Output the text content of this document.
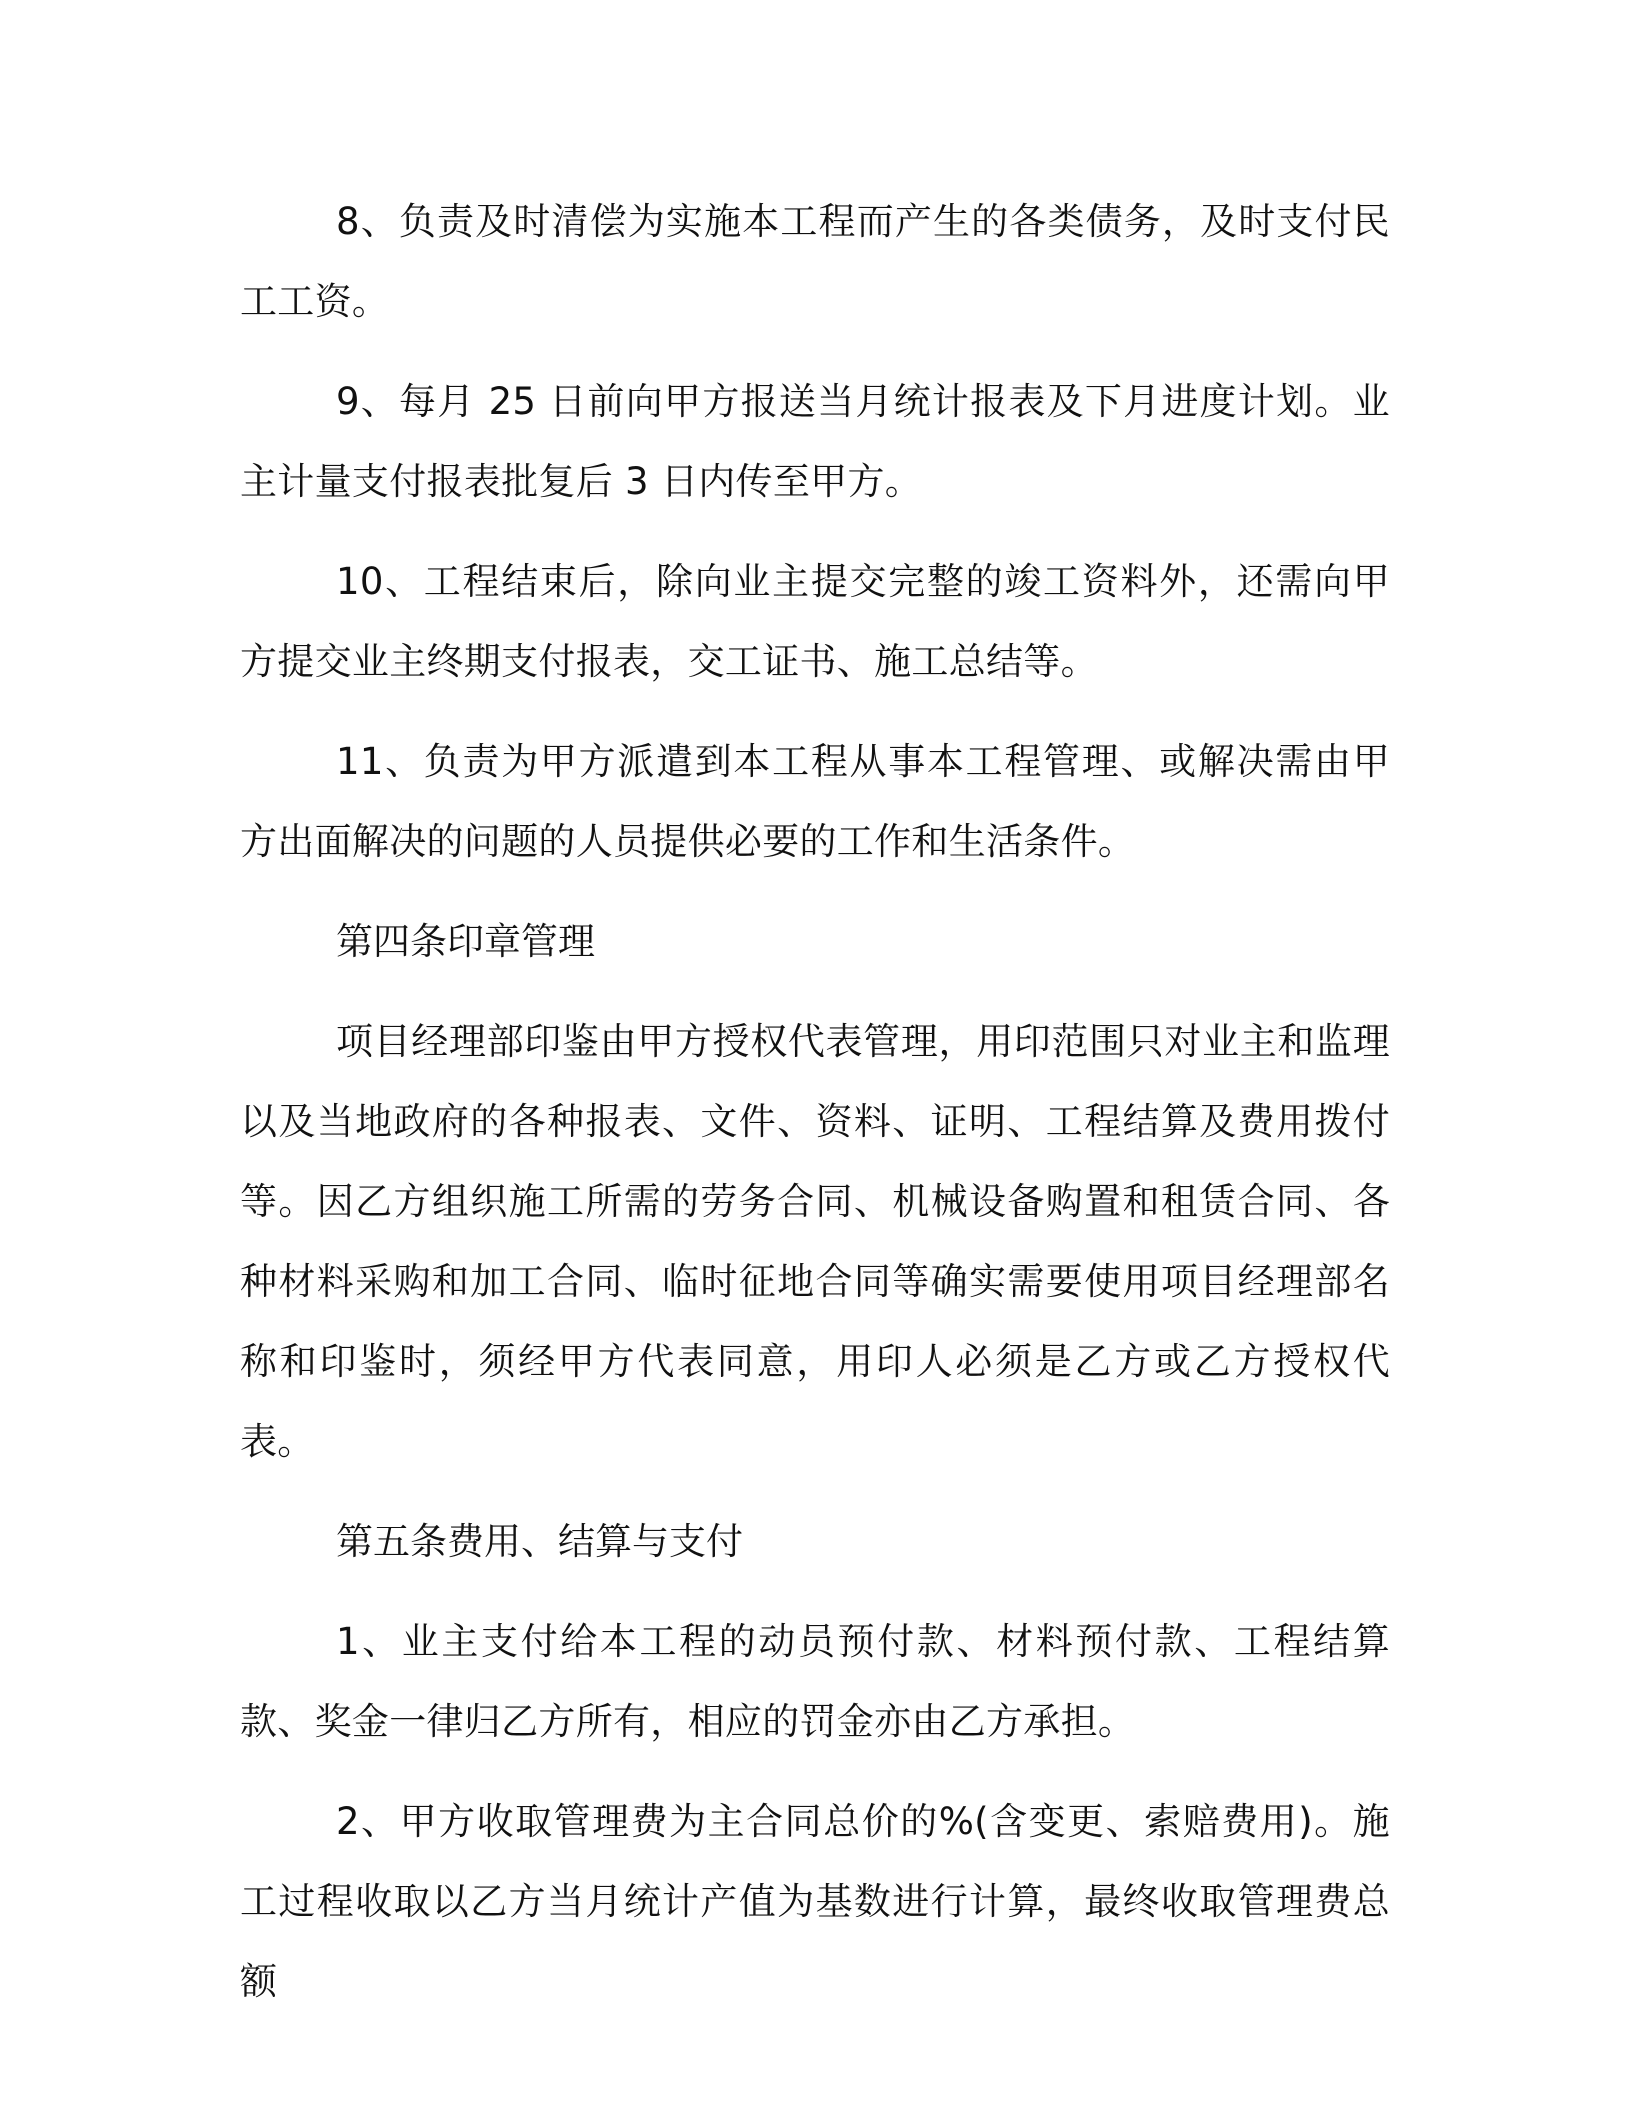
8、负责及时清偿为实施本工程而产生的各类债务，及时支付民工工资。

9、每月 25 日前向甲方报送当月统计报表及下月进度计划。业主计量支付报表批复后 3 日内传至甲方。

10、工程结束后，除向业主提交完整的竣工资料外，还需向甲方提交业主终期支付报表，交工证书、施工总结等。

11、负责为甲方派遣到本工程从事本工程管理、或解决需由甲方出面解决的问题的人员提供必要的工作和生活条件。

第四条印章管理

项目经理部印鉴由甲方授权代表管理，用印范围只对业主和监理以及当地政府的各种报表、文件、资料、证明、工程结算及费用拨付等。因乙方组织施工所需的劳务合同、机械设备购置和租赁合同、各种材料采购和加工合同、临时征地合同等确实需要使用项目经理部名称和印鉴时，须经甲方代表同意，用印人必须是乙方或乙方授权代表。

第五条费用、结算与支付

1、业主支付给本工程的动员预付款、材料预付款、工程结算款、奖金一律归乙方所有，相应的罚金亦由乙方承担。

2、甲方收取管理费为主合同总价的%(含变更、索赔费用)。施工过程收取以乙方当月统计产值为基数进行计算，最终收取管理费总额
